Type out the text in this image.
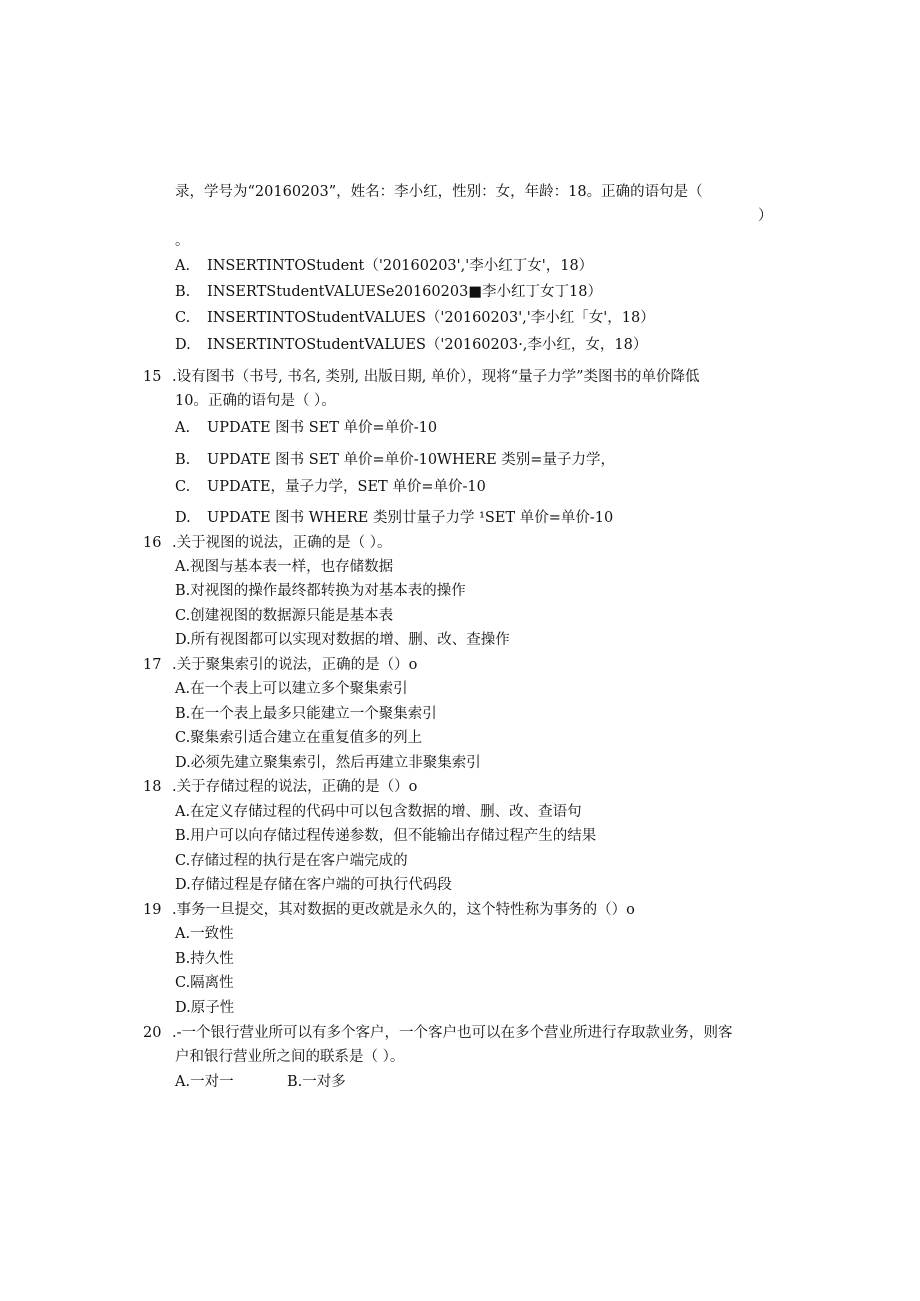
录，学号为“20160203”，姓名：李小红，性别：女，年龄：18。正确的语句是（
）
。
A. INSERTINTOStudent（'20160203','李小红丁女'，18）
B. INSERTStudentVALUESe20160203■李小红丁女丁18）
C. INSERTINTOStudentVALUES（'20160203','李小红「女'，18）
D. INSERTINTOStudentVALUES（'20160203·,李小红，女，18）
15 .设有图书（书号, 书名, 类别, 出版日期, 单价），现将“量子力学”类图书的单价降低
10。正确的语句是（ ）。
A. UPDATE 图书 SET 单价=单价-10
B. UPDATE 图书 SET 单价=单价-10WHERE 类别=量子力学，
C. UPDATE，量子力学，SET 单价=单价-10
D. UPDATE 图书 WHERE 类别廿量子力学 ¹SET 单价=单价-10
16 .关于视图的说法，正确的是（ ）。
A.视图与基本表一样，也存储数据
B.对视图的操作最终都转换为对基本表的操作
C.创建视图的数据源只能是基本表
D.所有视图都可以实现对数据的增、删、改、查操作
17 .关于聚集索引的说法，正确的是（）o
A.在一个表上可以建立多个聚集索引
B.在一个表上最多只能建立一个聚集索引
C.聚集索引适合建立在重复值多的列上
D.必须先建立聚集索引，然后再建立非聚集索引
18 .关于存储过程的说法，正确的是（）o
A.在定义存储过程的代码中可以包含数据的增、删、改、查语句
B.用户可以向存储过程传递参数，但不能输出存储过程产生的结果
C.存储过程的执行是在客户端完成的
D.存储过程是存储在客户端的可执行代码段
19 .事务一旦提交，其对数据的更改就是永久的，这个特性称为事务的（）o
A.一致性
B.持久性
C.隔离性
D.原子性
20 .-一个银行营业所可以有多个客户，一个客户也可以在多个营业所进行存取款业务，则客
户和银行营业所之间的联系是（ ）。
A.一对一	B.一对多
